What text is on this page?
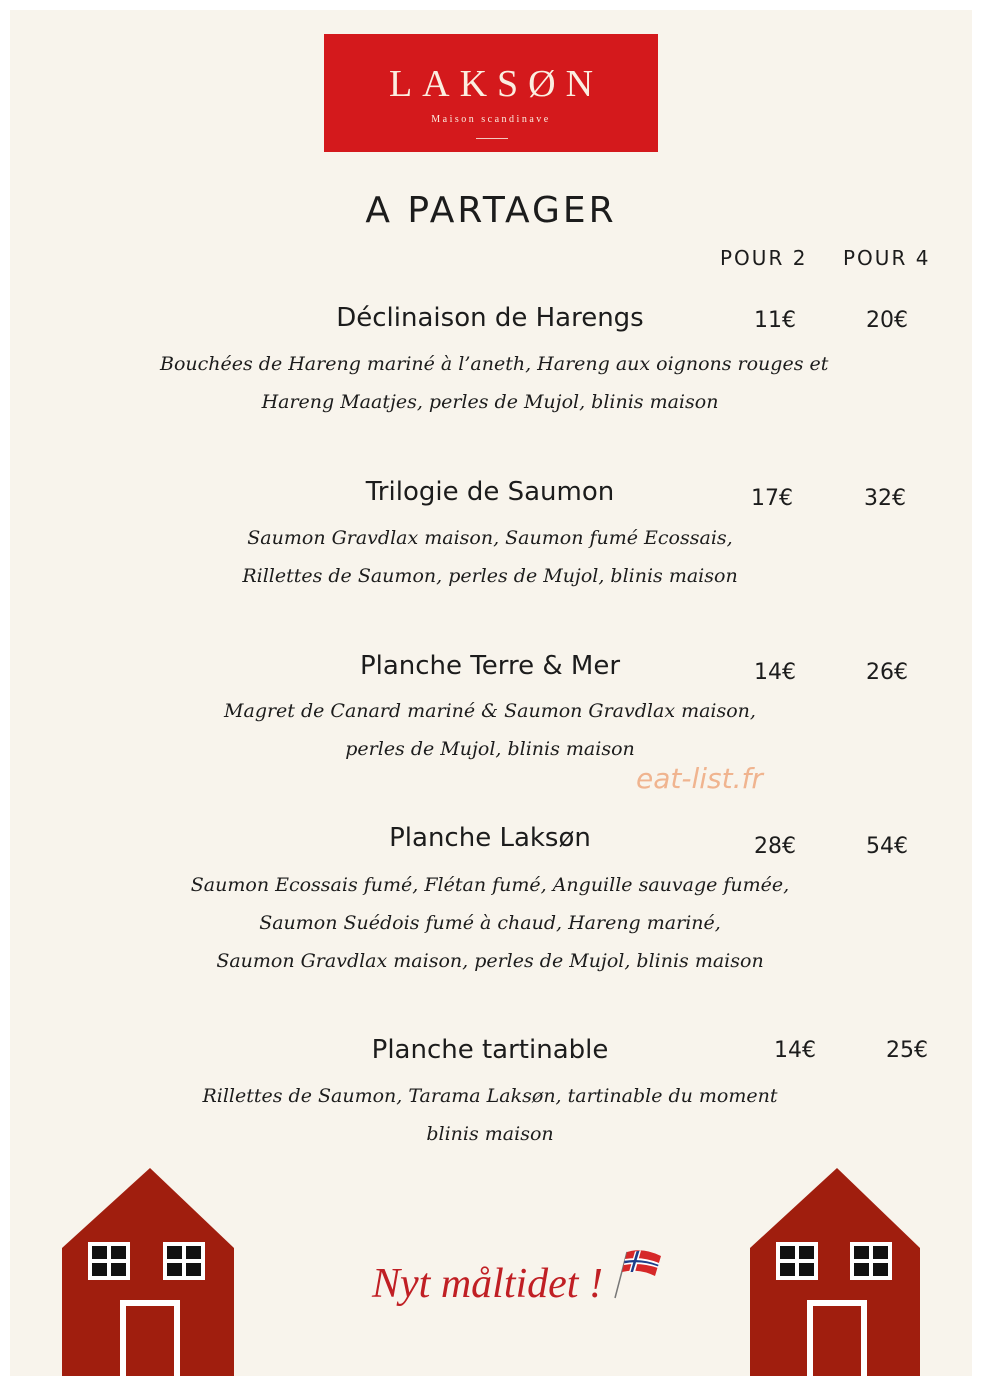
LAKSØN
Maison scandinave
A PARTAGER
POUR 2 POUR 4
Déclinaison de Harengs	11€	20€
Bouchées de Hareng mariné à l’aneth, Hareng aux oignons rouges et
Hareng Maatjes, perles de Mujol, blinis maison
Trilogie de Saumon	17€	32€
Saumon Gravdlax maison, Saumon fumé Ecossais,
Rillettes de Saumon, perles de Mujol, blinis maison
Planche Terre & Mer	14€	26€
Magret de Canard mariné & Saumon Gravdlax maison,
perles de Mujol, blinis maison
eat-list.fr
Planche Laksøn	28€	54€
Saumon Ecossais fumé, Flétan fumé, Anguille sauvage fumée,
Saumon Suédois fumé à chaud, Hareng mariné,
Saumon Gravdlax maison, perles de Mujol, blinis maison
Planche tartinable	14€	25€
Rillettes de Saumon, Tarama Laksøn, tartinable du moment
blinis maison
Nyt måltidet !
